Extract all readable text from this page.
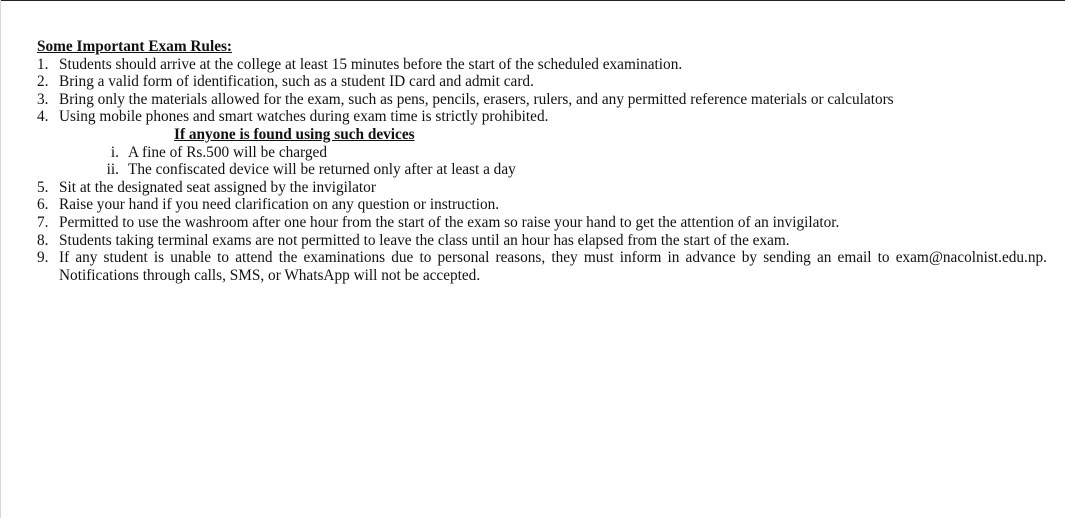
Some Important Exam Rules:
1. Students should arrive at the college at least 15 minutes before the start of the scheduled examination.
2. Bring a valid form of identification, such as a student ID card and admit card.
3. Bring only the materials allowed for the exam, such as pens, pencils, erasers, rulers, and any permitted reference materials or calculators
4. Using mobile phones and smart watches during exam time is strictly prohibited.
If anyone is found using such devices
i. A fine of Rs.500 will be charged
ii. The confiscated device will be returned only after at least a day
5. Sit at the designated seat assigned by the invigilator
6. Raise your hand if you need clarification on any question or instruction.
7. Permitted to use the washroom after one hour from the start of the exam so raise your hand to get the attention of an invigilator.
8. Students taking terminal exams are not permitted to leave the class until an hour has elapsed from the start of the exam.
9. If any student is unable to attend the examinations due to personal reasons, they must inform in advance by sending an email to exam@nacolnist.edu.np. Notifications through calls, SMS, or WhatsApp will not be accepted.
